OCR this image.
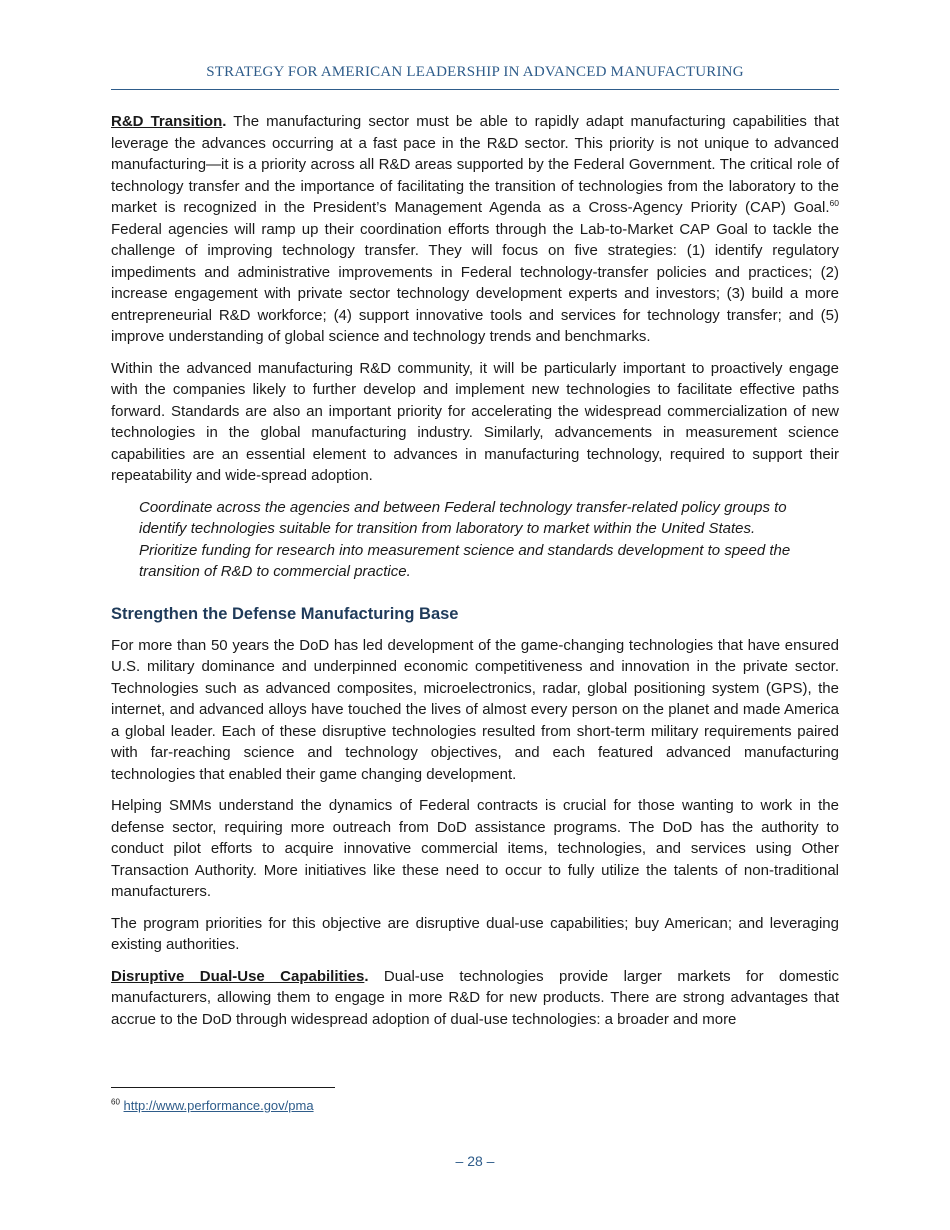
STRATEGY FOR AMERICAN LEADERSHIP IN ADVANCED MANUFACTURING

R&D Transition. The manufacturing sector must be able to rapidly adapt manufacturing capabilities that leverage the advances occurring at a fast pace in the R&D sector. This priority is not unique to advanced manufacturing—it is a priority across all R&D areas supported by the Federal Government. The critical role of technology transfer and the importance of facilitating the transition of technologies from the laboratory to the market is recognized in the President’s Management Agenda as a Cross-Agency Priority (CAP) Goal.$^{60}$ Federal agencies will ramp up their coordination efforts through the Lab-to-Market CAP Goal to tackle the challenge of improving technology transfer. They will focus on five strategies: (1) identify regulatory impediments and administrative improvements in Federal technology-transfer policies and practices; (2) increase engagement with private sector technology development experts and investors; (3) build a more entrepreneurial R&D workforce; (4) support innovative tools and services for technology transfer; and (5) improve understanding of global science and technology trends and benchmarks.

Within the advanced manufacturing R&D community, it will be particularly important to proactively engage with the companies likely to further develop and implement new technologies to facilitate effective paths forward. Standards are also an important priority for accelerating the widespread commercialization of new technologies in the global manufacturing industry. Similarly, advancements in measurement science capabilities are an essential element to advances in manufacturing technology, required to support their repeatability and wide-spread adoption.

Coordinate across the agencies and between Federal technology transfer-related policy groups to identify technologies suitable for transition from laboratory to market within the United States. Prioritize funding for research into measurement science and standards development to speed the transition of R&D to commercial practice.
Strengthen the Defense Manufacturing Base

For more than 50 years the DoD has led development of the game-changing technologies that have ensured U.S. military dominance and underpinned economic competitiveness and innovation in the private sector. Technologies such as advanced composites, microelectronics, radar, global positioning system (GPS), the internet, and advanced alloys have touched the lives of almost every person on the planet and made America a global leader. Each of these disruptive technologies resulted from short-term military requirements paired with far-reaching science and technology objectives, and each featured advanced manufacturing technologies that enabled their game changing development.

Helping SMMs understand the dynamics of Federal contracts is crucial for those wanting to work in the defense sector, requiring more outreach from DoD assistance programs. The DoD has the authority to conduct pilot efforts to acquire innovative commercial items, technologies, and services using Other Transaction Authority. More initiatives like these need to occur to fully utilize the talents of non-traditional manufacturers.

The program priorities for this objective are disruptive dual-use capabilities; buy American; and leveraging existing authorities.

Disruptive Dual-Use Capabilities. Dual-use technologies provide larger markets for domestic manufacturers, allowing them to engage in more R&D for new products. There are strong advantages that accrue to the DoD through widespread adoption of dual-use technologies: a broader and more

$^{60}$ http://www.performance.gov/pma
– 28 –
